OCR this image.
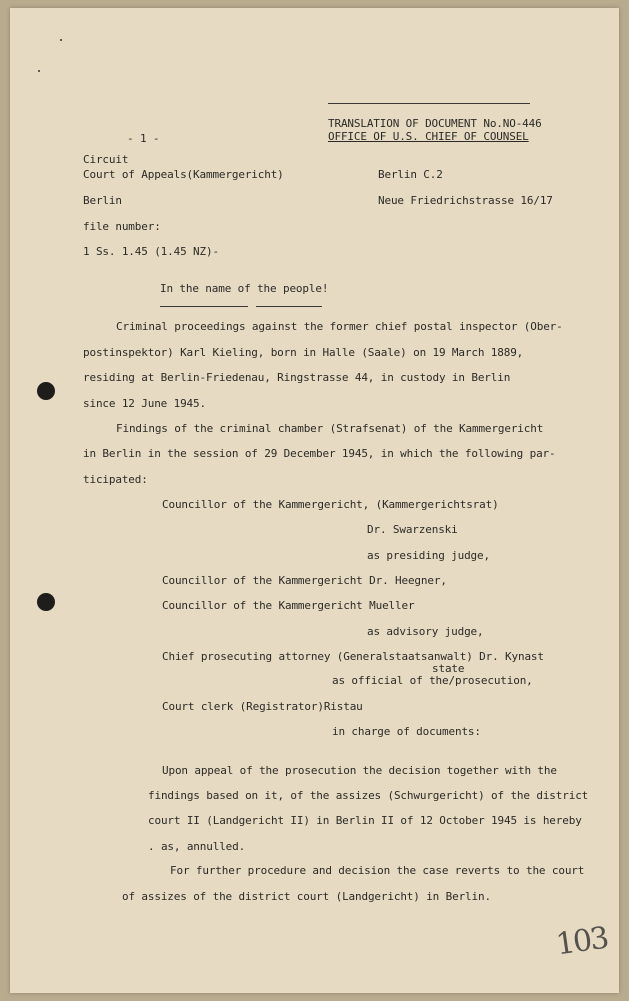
TRANSLATION OF DOCUMENT No.NO-446
OFFICE OF U.S. CHIEF OF COUNSEL
- 1 -
Circuit
Court of Appeals(Kammergericht)	Berlin C.2
Berlin	Neue Friedrichstrasse 16/17
file number:
1 Ss. 1.45 (1.45 NZ)-
In the name of the people!
Criminal proceedings against the former chief postal inspector (Ober-
postinspektor) Karl Kieling, born in Halle (Saale) on 19 March 1889,
residing at Berlin-Friedenau, Ringstrasse 44, in custody in Berlin
since 12 June 1945.
Findings of the criminal chamber (Strafsenat) of the Kammergericht
in Berlin in the session of 29 December 1945, in which the following par-
ticipated:
Councillor of the Kammergericht, (Kammergerichtsrat)
Dr. Swarzenski
as presiding judge,
Councillor of the Kammergericht Dr. Heegner,
Councillor of the Kammergericht Mueller
as advisory judge,
Chief prosecuting attorney (Generalstaatsanwalt) Dr. Kynast
state
as official of the/prosecution,
Court clerk (Registrator)Ristau
in charge of documents:
Upon appeal of the prosecution the decision together with the
findings based on it, of the assizes (Schwurgericht) of the district
court II (Landgericht II) in Berlin II of 12 October 1945 is hereby
. as, annulled.
For further procedure and decision the case reverts to the court
of assizes of the district court (Landgericht) in Berlin.
103
